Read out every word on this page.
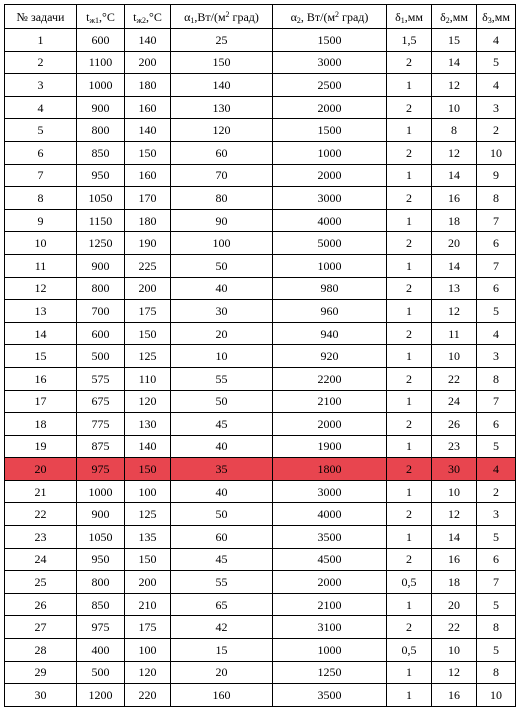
№ задачи	$t_{ж1},^\circ С$	$t_{ж2},^\circ С$	$\alpha_1,Вт/(м^2$ град)	$\alpha_2$, $Вт/(м^2$ град)	$\delta_1,мм$	$\delta_2,мм$	$\delta_3,мм$
1	600	140	25	1500	1,5	15	4
2	1100	200	150	3000	2	14	5
3	1000	180	140	2500	1	12	4
4	900	160	130	2000	2	10	3
5	800	140	120	1500	1	8	2
6	850	150	60	1000	2	12	10
7	950	160	70	2000	1	14	9
8	1050	170	80	3000	2	16	8
9	1150	180	90	4000	1	18	7
10	1250	190	100	5000	2	20	6
11	900	225	50	1000	1	14	7
12	800	200	40	980	2	13	6
13	700	175	30	960	1	12	5
14	600	150	20	940	2	11	4
15	500	125	10	920	1	10	3
16	575	110	55	2200	2	22	8
17	675	120	50	2100	1	24	7
18	775	130	45	2000	2	26	6
19	875	140	40	1900	1	23	5
20	975	150	35	1800	2	30	4
21	1000	100	40	3000	1	10	2
22	900	125	50	4000	2	12	3
23	1050	135	60	3500	1	14	5
24	950	150	45	4500	2	16	6
25	800	200	55	2000	0,5	18	7
26	850	210	65	2100	1	20	5
27	975	175	42	3100	2	22	8
28	400	100	15	1000	0,5	10	5
29	500	120	20	1250	1	12	8
30	1200	220	160	3500	1	16	10
